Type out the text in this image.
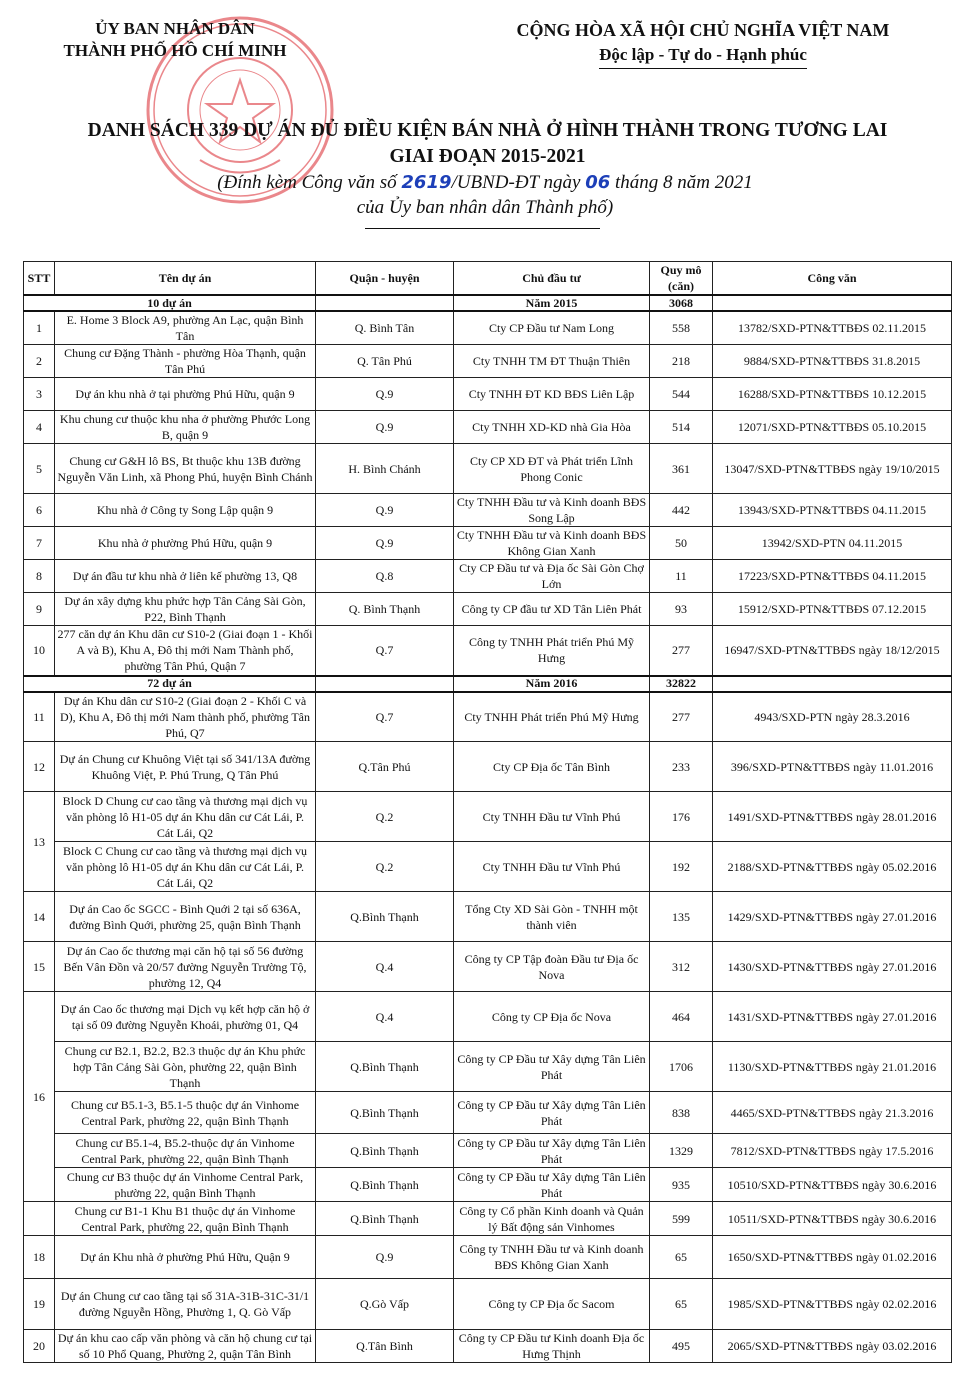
ỦY BAN NHÂN DÂN
THÀNH PHỐ HỒ CHÍ MINH
CỘNG HÒA XÃ HỘI CHỦ NGHĨA VIỆT NAM
Độc lập - Tự do - Hạnh phúc
DANH SÁCH 339 DỰ ÁN ĐỦ ĐIỀU KIỆN BÁN NHÀ Ở HÌNH THÀNH TRONG TƯƠNG LAI
GIAI ĐOẠN 2015-2021
(Đính kèm Công văn số 2619/UBND-ĐT ngày 06 tháng 8 năm 2021
của Ủy ban nhân dân Thành phố)
STT	Tên dự án	Quận - huyện	Chủ đầu tư	Quy mô (căn)	Công văn
10 dự án			Năm 2015	3068	
1	E. Home 3 Block A9, phường An Lạc, quận Bình Tân	Q. Bình Tân	Cty CP Đầu tư Nam Long	558	13782/SXD-PTN&TTBĐS 02.11.2015
2	Chung cư Đặng Thành - phường Hòa Thạnh, quận Tân Phú	Q. Tân Phú	Cty TNHH TM ĐT Thuận Thiên	218	9884/SXD-PTN&TTBĐS 31.8.2015
3	Dự án khu nhà ở tại phường Phú Hữu, quận 9	Q.9	Cty TNHH ĐT KD BĐS Liên Lập	544	16288/SXD-PTN&TTBĐS 10.12.2015
4	Khu chung cư thuộc khu nha ở phường Phước Long B, quận 9	Q.9	Cty TNHH XD-KD nhà Gia Hòa	514	12071/SXD-PTN&TTBĐS 05.10.2015
5	Chung cư G&H lô BS, Bt thuộc khu 13B đường Nguyễn Văn Linh, xã Phong Phú, huyện Bình Chánh	H. Bình Chánh	Cty CP XD ĐT và Phát triển Lĩnh Phong Conic	361	13047/SXD-PTN&TTBĐS ngày 19/10/2015
6	Khu nhà ở Công ty Song Lập quận 9	Q.9	Cty TNHH Đầu tư và Kinh doanh BĐS Song Lập	442	13943/SXD-PTN&TTBĐS 04.11.2015
7	Khu nhà ở phường Phú Hữu, quận 9	Q.9	Cty TNHH Đầu tư và Kinh doanh BĐS Không Gian Xanh	50	13942/SXD-PTN 04.11.2015
8	Dự án đầu tư khu nhà ở liên kế phường 13, Q8	Q.8	Cty CP Đầu tư và Địa ốc Sài Gòn Chợ Lớn	11	17223/SXD-PTN&TTBĐS 04.11.2015
9	Dự án xây dựng khu phức hợp Tân Cảng Sài Gòn, P22, Bình Thạnh	Q. Bình Thạnh	Công ty CP đầu tư XD Tân Liên Phát	93	15912/SXD-PTN&TTBĐS 07.12.2015
10	277 căn dự án Khu dân cư S10-2 (Giai đoạn 1 - Khối A và B), Khu A, Đô thị mới Nam Thành phố, phường Tân Phú, Quận 7	Q.7	Công ty TNHH Phát triển Phú Mỹ Hưng	277	16947/SXD-PTN&TTBĐS ngày 18/12/2015
72 dự án			Năm 2016	32822	
11	Dự án Khu dân cư S10-2 (Giai đoạn 2 - Khối C và D), Khu A, Đô thị mới Nam thành phố, phường Tân Phú, Q7	Q.7	Cty TNHH Phát triển Phú Mỹ Hưng	277	4943/SXD-PTN ngày 28.3.2016
12	Dự án Chung cư Khuông Việt tại số 341/13A đường Khuông Việt, P. Phú Trung, Q Tân Phú	Q.Tân Phú	Cty CP Địa ốc Tân Bình	233	396/SXD-PTN&TTBĐS ngày 11.01.2016
13	Block D Chung cư cao tầng và thương mại dịch vụ văn phòng lô H1-05 dự án Khu dân cư Cát Lái, P. Cát Lái, Q2	Q.2	Cty TNHH Đầu tư Vĩnh Phú	176	1491/SXD-PTN&TTBĐS ngày 28.01.2016
	Block C Chung cư cao tầng và thương mại dịch vụ văn phòng lô H1-05 dự án Khu dân cư Cát Lái, P. Cát Lái, Q2	Q.2	Cty TNHH Đầu tư Vĩnh Phú	192	2188/SXD-PTN&TTBĐS ngày 05.02.2016
14	Dự án Cao ốc SGCC - Bình Quới 2 tại số 636A, đường Bình Quới, phường 25, quận Bình Thạnh	Q.Bình Thạnh	Tổng Cty XD Sài Gòn - TNHH một thành viên	135	1429/SXD-PTN&TTBĐS ngày 27.01.2016
15	Dự án Cao ốc thương mại căn hộ tại số 56 đường Bến Vân Đồn và 20/57 đường Nguyễn Trường Tộ, phường 12, Q4	Q.4	Công ty CP Tập đoàn Đầu tư Địa ốc Nova	312	1430/SXD-PTN&TTBĐS ngày 27.01.2016
16	Dự án Cao ốc thương mại Dịch vụ kết hợp căn hộ ở tại số 09 đường Nguyễn Khoái, phường 01, Q4	Q.4	Công ty CP Địa ốc Nova	464	1431/SXD-PTN&TTBĐS ngày 27.01.2016
	Chung cư B2.1, B2.2, B2.3 thuộc dự án Khu phức hợp Tân Cảng Sài Gòn, phường 22, quận Bình Thạnh	Q.Bình Thạnh	Công ty CP Đầu tư Xây dựng Tân Liên Phát	1706	1130/SXD-PTN&TTBĐS ngày 21.01.2016
	Chung cư B5.1-3, B5.1-5 thuộc dự án Vinhome Central Park, phường 22, quận Bình Thạnh	Q.Bình Thạnh	Công ty CP Đầu tư Xây dựng Tân Liên Phát	838	4465/SXD-PTN&TTBĐS ngày 21.3.2016
	Chung cư B5.1-4, B5.2-thuộc dự án Vinhome Central Park, phường 22, quận Bình Thạnh	Q.Bình Thạnh	Công ty CP Đầu tư Xây dựng Tân Liên Phát	1329	7812/SXD-PTN&TTBĐS ngày 17.5.2016
	Chung cư B3 thuộc dự án Vinhome Central Park, phường 22, quận Bình Thạnh	Q.Bình Thạnh	Công ty CP Đầu tư Xây dựng Tân Liên Phát	935	10510/SXD-PTN&TTBĐS ngày 30.6.2016
	Chung cư B1-1 Khu B1 thuộc dự án Vinhome Central Park, phường 22, quận Bình Thạnh	Q.Bình Thạnh	Công ty Cổ phần Kinh doanh và Quản lý Bất động sản Vinhomes	599	10511/SXD-PTN&TTBĐS ngày 30.6.2016
18	Dự án Khu nhà ở phường Phú Hữu, Quận 9	Q.9	Công ty TNHH Đầu tư và Kinh doanh BĐS Không Gian Xanh	65	1650/SXD-PTN&TTBĐS ngày 01.02.2016
19	Dự án Chung cư cao tầng tại số 31A-31B-31C-31/1 đường Nguyễn Hồng, Phường 1, Q. Gò Vấp	Q.Gò Vấp	Công ty CP Địa ốc Sacom	65	1985/SXD-PTN&TTBĐS ngày 02.02.2016
20	Dự án khu cao cấp văn phòng và căn hộ chung cư tại số 10 Phổ Quang, Phường 2, quận Tân Bình	Q.Tân Bình	Công ty CP Đầu tư Kinh doanh Địa ốc Hưng Thịnh	495	2065/SXD-PTN&TTBĐS ngày 03.02.2016
